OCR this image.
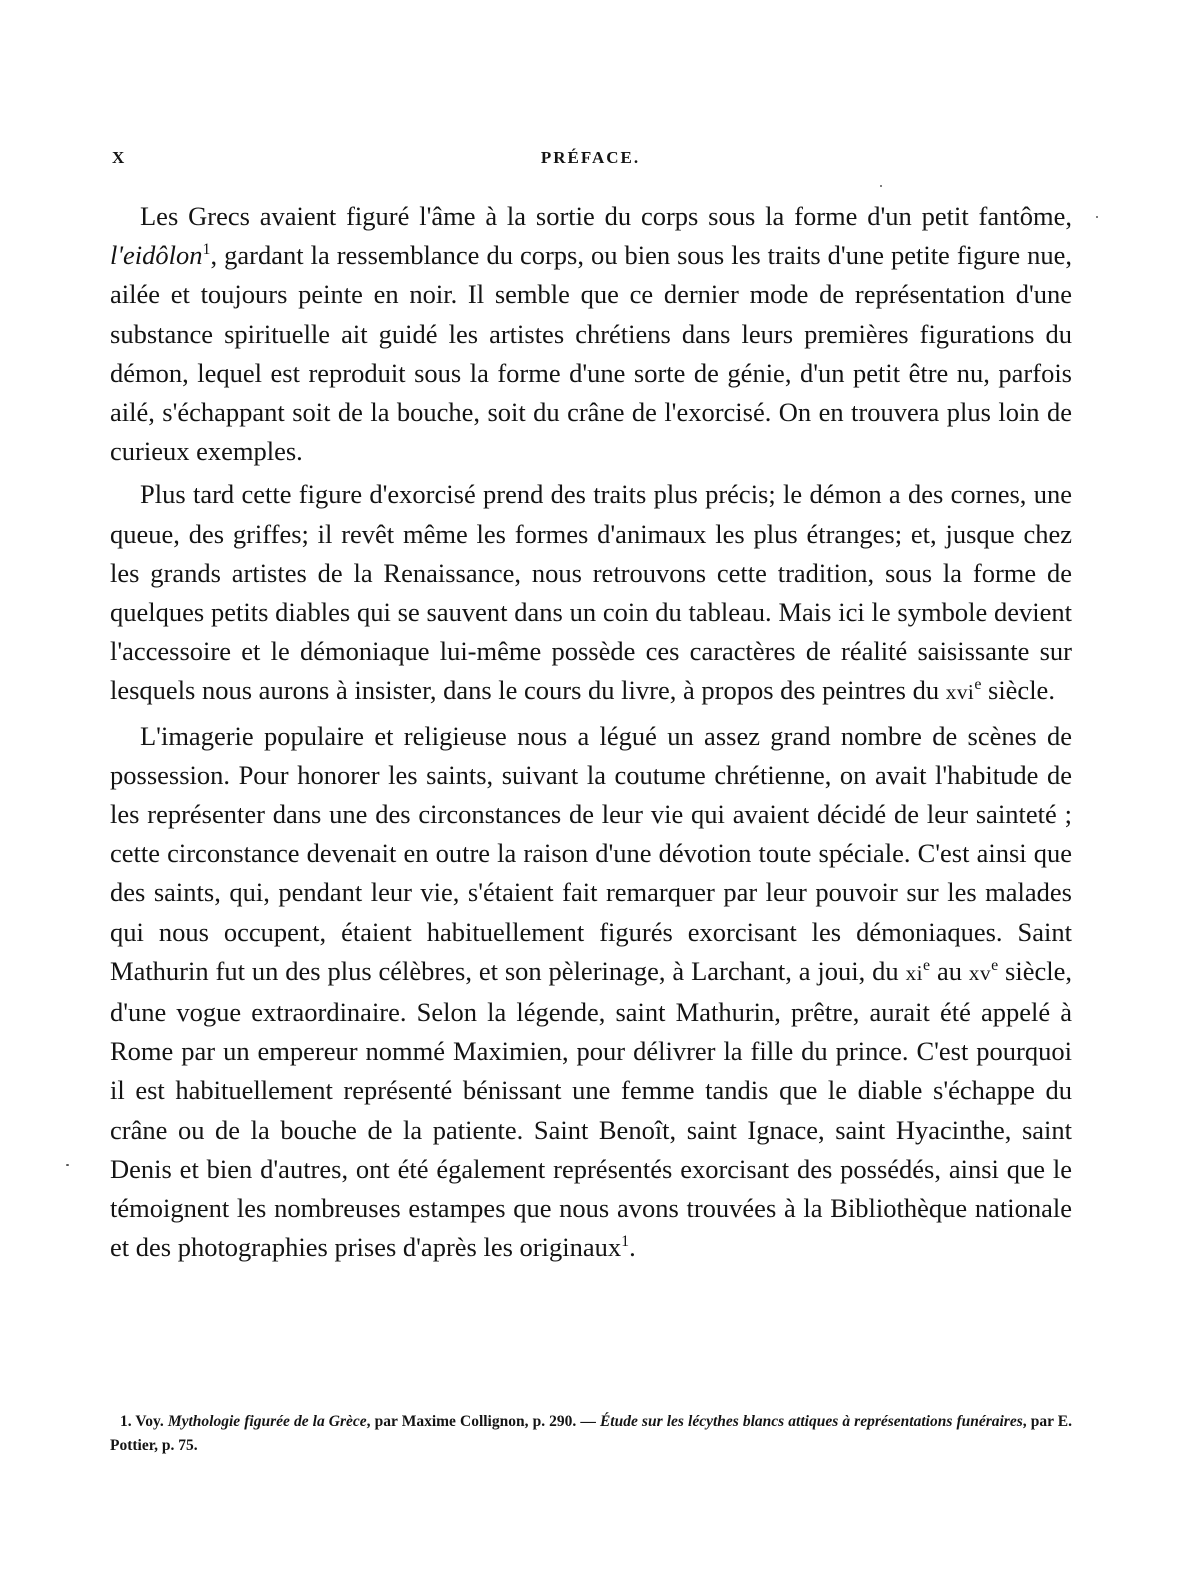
X	PRÉFACE.

Les Grecs avaient figuré l'âme à la sortie du corps sous la forme d'un petit fantôme, l'eidôlon$^1$, gardant la ressemblance du corps, ou bien sous les traits d'une petite figure nue, ailée et toujours peinte en noir. Il semble que ce dernier mode de représentation d'une substance spirituelle ait guidé les artistes chrétiens dans leurs premières figurations du démon, lequel est reproduit sous la forme d'une sorte de génie, d'un petit être nu, parfois ailé, s'échappant soit de la bouche, soit du crâne de l'exorcisé. On en trouvera plus loin de curieux exemples.

Plus tard cette figure d'exorcisé prend des traits plus précis; le démon a des cornes, une queue, des griffes; il revêt même les formes d'animaux les plus étranges; et, jusque chez les grands artistes de la Renaissance, nous retrouvons cette tradition, sous la forme de quelques petits diables qui se sauvent dans un coin du tableau. Mais ici le symbole devient l'accessoire et le démoniaque lui-même possède ces caractères de réalité saisissante sur lesquels nous aurons à insister, dans le cours du livre, à propos des peintres du xvi$^e$ siècle.

L'imagerie populaire et religieuse nous a légué un assez grand nombre de scènes de possession. Pour honorer les saints, suivant la coutume chrétienne, on avait l'habitude de les représenter dans une des circonstances de leur vie qui avaient décidé de leur sainteté ; cette circonstance devenait en outre la raison d'une dévotion toute spéciale. C'est ainsi que des saints, qui, pendant leur vie, s'étaient fait remarquer par leur pouvoir sur les malades qui nous occupent, étaient habituellement figurés exorcisant les démoniaques. Saint Mathurin fut un des plus célèbres, et son pèlerinage, à Larchant, a joui, du xi$^e$ au xv$^e$ siècle, d'une vogue extraordinaire. Selon la légende, saint Mathurin, prêtre, aurait été appelé à Rome par un empereur nommé Maximien, pour délivrer la fille du prince. C'est pourquoi il est habituellement représenté bénissant une femme tandis que le diable s'échappe du crâne ou de la bouche de la patiente. Saint Benoît, saint Ignace, saint Hyacinthe, saint Denis et bien d'autres, ont été également représentés exorcisant des possédés, ainsi que le témoignent les nombreuses estampes que nous avons trouvées à la Bibliothèque nationale et des photographies prises d'après les originaux$^1$.

1. Voy. Mythologie figurée de la Grèce, par Maxime Collignon, p. 290. — Étude sur les lécythes blancs attiques à représentations funéraires, par E. Pottier, p. 75.
